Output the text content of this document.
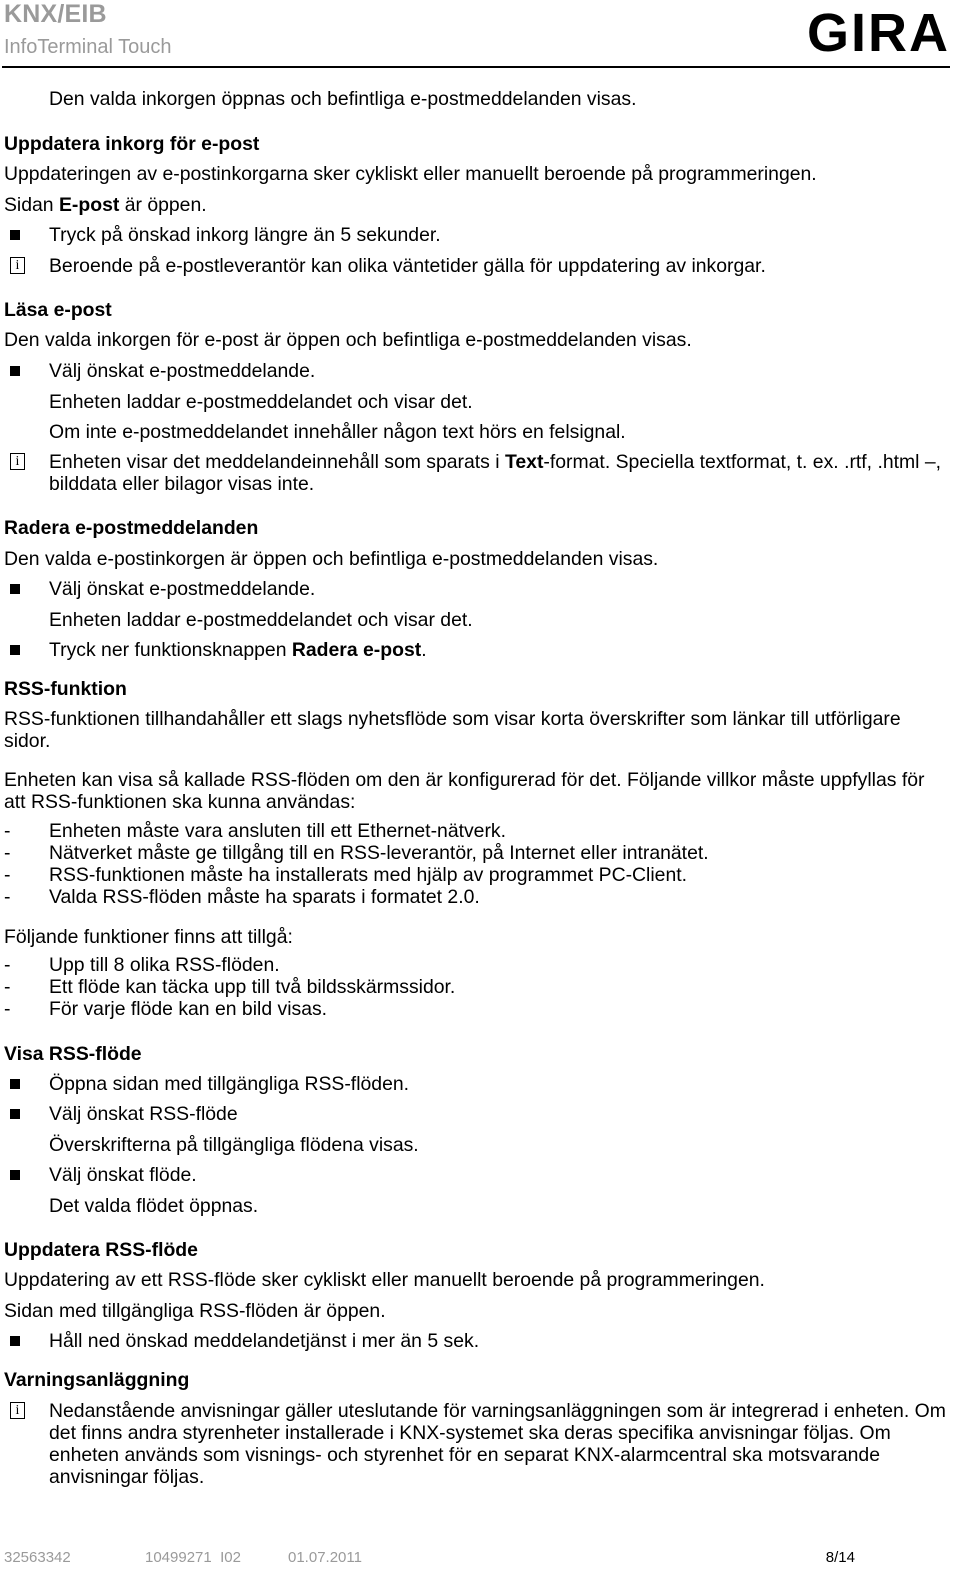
KNX/EIB
InfoTerminal Touch	GIRA

Den valda inkorgen öppnas och befintliga e-postmeddelanden visas.

Uppdatera inkorg för e-post

Uppdateringen av e-postinkorgarna sker cykliskt eller manuellt beroende på programmeringen.

Sidan E-post är öppen.

Tryck på önskad inkorg längre än 5 sekunder.

i Beroende på e-postleverantör kan olika väntetider gälla för uppdatering av inkorgar.

Läsa e-post

Den valda inkorgen för e-post är öppen och befintliga e-postmeddelanden visas.

Välj önskat e-postmeddelande.

Enheten laddar e-postmeddelandet och visar det.

Om inte e-postmeddelandet innehåller någon text hörs en felsignal.

i Enheten visar det meddelandeinnehåll som sparats i Text-format. Speciella textformat, t. ex. .rtf, .html –, bilddata eller bilagor visas inte.

Radera e-postmeddelanden

Den valda e-postinkorgen är öppen och befintliga e-postmeddelanden visas.

Välj önskat e-postmeddelande.

Enheten laddar e-postmeddelandet och visar det.

Tryck ner funktionsknappen Radera e-post.

RSS-funktion

RSS-funktionen tillhandahåller ett slags nyhetsflöde som visar korta överskrifter som länkar till utförligare sidor.

Enheten kan visa så kallade RSS-flöden om den är konfigurerad för det. Följande villkor måste uppfyllas för att RSS-funktionen ska kunna användas:

- Enheten måste vara ansluten till ett Ethernet-nätverk.

- Nätverket måste ge tillgång till en RSS-leverantör, på Internet eller intranätet.

- RSS-funktionen måste ha installerats med hjälp av programmet PC-Client.

- Valda RSS-flöden måste ha sparats i formatet 2.0.

Följande funktioner finns att tillgå:

- Upp till 8 olika RSS-flöden.

- Ett flöde kan täcka upp till två bildsskärmssidor.

- För varje flöde kan en bild visas.

Visa RSS-flöde

Öppna sidan med tillgängliga RSS-flöden.

Välj önskat RSS-flöde

Överskrifterna på tillgängliga flödena visas.

Välj önskat flöde.

Det valda flödet öppnas.

Uppdatera RSS-flöde

Uppdatering av ett RSS-flöde sker cykliskt eller manuellt beroende på programmeringen.

Sidan med tillgängliga RSS-flöden är öppen.

Håll ned önskad meddelandetjänst i mer än 5 sek.

Varningsanläggning

i Nedanstående anvisningar gäller uteslutande för varningsanläggningen som är integrerad i enheten. Om det finns andra styrenheter installerade i KNX-systemet ska deras specifika anvisningar följas. Om enheten används som visnings- och styrenhet för en separat KNX-alarmcentral ska motsvarande anvisningar följas.

32563342	10499271  I02	01.07.2011	8/14
